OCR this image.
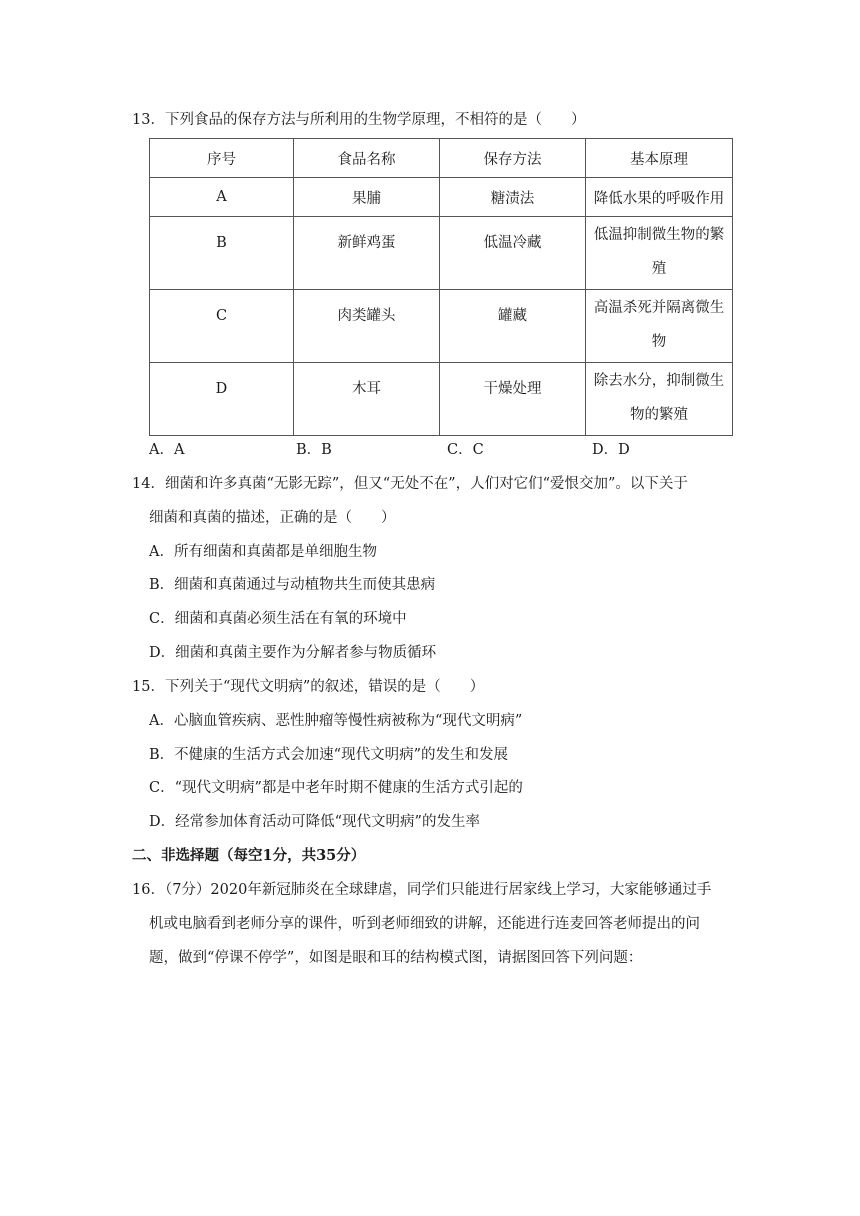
13．下列食品的保存方法与所利用的生物学原理，不相符的是（　　）
序号	食品名称	保存方法	基本原理
A	果脯	糖渍法	降低水果的呼吸作用

B	新鲜鸡蛋	低温冷藏	低温抑制微生物的繁
殖

C	肉类罐头	罐藏	高温杀死并隔离微生
物

D	木耳	干燥处理	除去水分，抑制微生
物的繁殖
A．A	B．B	C．C	D．D
14．细菌和许多真菌“无影无踪”，但又“无处不在”，人们对它们“爱恨交加”。以下关于
细菌和真菌的描述，正确的是（　　）
A．所有细菌和真菌都是单细胞生物
B．细菌和真菌通过与动植物共生而使其患病
C．细菌和真菌必须生活在有氧的环境中
D．细菌和真菌主要作为分解者参与物质循环
15．下列关于“现代文明病”的叙述，错误的是（　　）
A．心脑血管疾病、恶性肿瘤等慢性病被称为“现代文明病”
B．不健康的生活方式会加速“现代文明病”的发生和发展
C．“现代文明病”都是中老年时期不健康的生活方式引起的
D．经常参加体育活动可降低“现代文明病”的发生率
二、非选择题（每空1分，共35分）
16．（7分）2020年新冠肺炎在全球肆虐，同学们只能进行居家线上学习，大家能够通过手
机或电脑看到老师分享的课件，听到老师细致的讲解，还能进行连麦回答老师提出的问
题，做到“停课不停学”，如图是眼和耳的结构模式图，请据图回答下列问题：
